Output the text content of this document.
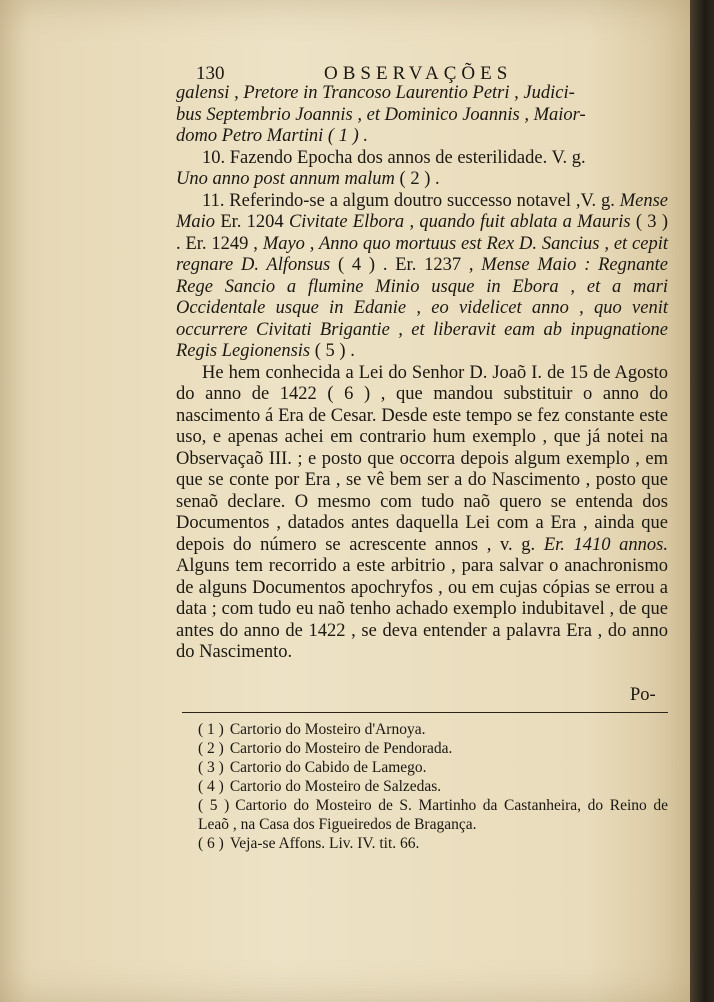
130	OBSERVAÇÕES

galensi , Pretore in Trancoso Laurentio Petri , Judici-
bus Septembrio Joannis , et Dominico Joannis , Maior-
domo Petro Martini ( 1 ) .

10. Fazendo Epocha dos annos de esterilidade. V. g.
Uno anno post annum malum ( 2 ) .

11. Referindo-se a algum doutro successo notavel ,V. g. Mense Maio Er. 1204 Civitate Elbora , quando fuit ablata a Mauris ( 3 ) . Er. 1249 , Mayo , Anno quo mortuus est Rex D. Sancius , et cepit regnare D. Alfonsus ( 4 ) . Er. 1237 , Mense Maio : Regnante Rege Sancio a flumine Minio usque in Ebora , et a mari Occidentale usque in Edanie , eo videlicet anno , quo venit occurrere Civitati Brigantie , et liberavit eam ab inpugnatione Regis Legionensis ( 5 ) .

He hem conhecida a Lei do Senhor D. Joaõ I. de 15 de Agosto do anno de 1422 ( 6 ) , que mandou substituir o anno do nascimento á Era de Cesar. Desde este tempo se fez constante este uso, e apenas achei em contrario hum exemplo , que já notei na Observaçaõ III. ; e posto que occorra depois algum exemplo , em que se conte por Era , se vê bem ser a do Nascimento , posto que senaõ declare. O mesmo com tudo naõ quero se entenda dos Documentos , datados antes daquella Lei com a Era , ainda que depois do número se acrescente annos , v. g. Er. 1410 annos. Alguns tem recorrido a este arbitrio , para salvar o anachronismo de alguns Documentos apochryfos , ou em cujas cópias se errou a data ; com tudo eu naõ tenho achado exemplo indubitavel , de que antes do anno de 1422 , se deva entender a palavra Era , do anno do Nascimento.

Po-

( 1 ) Cartorio do Mosteiro d'Arnoya.

( 2 ) Cartorio do Mosteiro de Pendorada.

( 3 ) Cartorio do Cabido de Lamego.

( 4 ) Cartorio do Mosteiro de Salzedas.

( 5 ) Cartorio do Mosteiro de S. Martinho da Castanheira, do Reino de Leaõ , na Casa dos Figueiredos de Bragança.

( 6 ) Veja-se Affons. Liv. IV. tit. 66.
